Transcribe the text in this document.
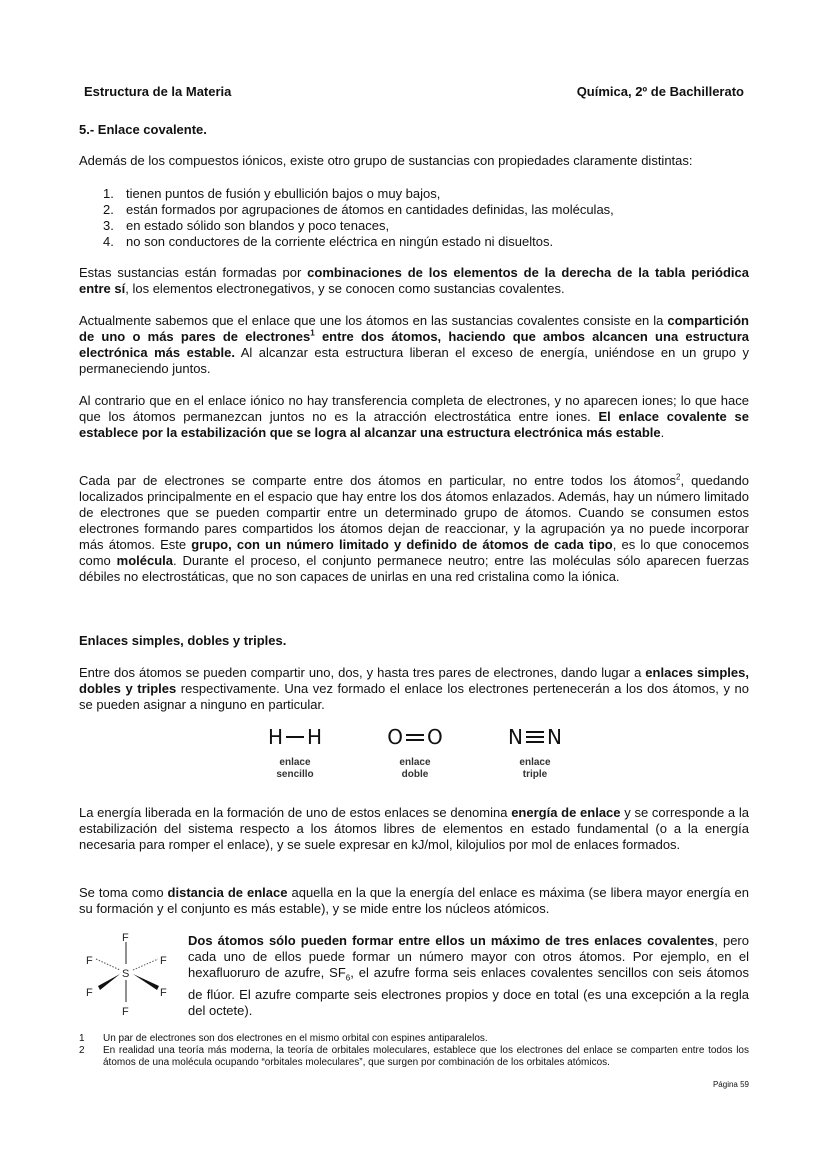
Estructura de la Materia	Química, 2º de Bachillerato
5.- Enlace covalente.
Además de los compuestos iónicos, existe otro grupo de sustancias con propiedades claramente distintas:
1. tienen puntos de fusión y ebullición bajos o muy bajos,
2. están formados por agrupaciones de átomos en cantidades definidas, las moléculas,
3. en estado sólido son blandos y poco tenaces,
4. no son conductores de la corriente eléctrica en ningún estado ni disueltos.
Estas sustancias están formadas por combinaciones de los elementos de la derecha de la tabla periódica entre sí, los elementos electronegativos, y se conocen como sustancias covalentes.
Actualmente sabemos que el enlace que une los átomos en las sustancias covalentes consiste en la compartición de uno o más pares de electrones$^1$ entre dos átomos, haciendo que ambos alcancen una estructura electrónica más estable. Al alcanzar esta estructura liberan el exceso de energía, uniéndose en un grupo y permaneciendo juntos.
Al contrario que en el enlace iónico no hay transferencia completa de electrones, y no aparecen iones; lo que hace que los átomos permanezcan juntos no es la atracción electrostática entre iones. El enlace covalente se establece por la estabilización que se logra al alcanzar una estructura electrónica más estable.
Cada par de electrones se comparte entre dos átomos en particular, no entre todos los átomos$^2$, quedando localizados principalmente en el espacio que hay entre los dos átomos enlazados. Además, hay un número limitado de electrones que se pueden compartir entre un determinado grupo de átomos. Cuando se consumen estos electrones formando pares compartidos los átomos dejan de reaccionar, y la agrupación ya no puede incorporar más átomos. Este grupo, con un número limitado y definido de átomos de cada tipo, es lo que conocemos como molécula. Durante el proceso, el conjunto permanece neutro; entre las moléculas sólo aparecen fuerzas débiles no electrostáticas, que no son capaces de unirlas en una red cristalina como la iónica.
Enlaces simples, dobles y triples.
Entre dos átomos se pueden compartir uno, dos, y hasta tres pares de electrones, dando lugar a enlaces simples, dobles y triples respectivamente. Una vez formado el enlace los electrones pertenecerán a los dos átomos, y no se pueden asignar a ninguno en particular.
H H
enlace
sencillo
O O
enlace
doble
N N
enlace
triple
La energía liberada en la formación de uno de estos enlaces se denomina energía de enlace y se corresponde a la estabilización del sistema respecto a los átomos libres de elementos en estado fundamental (o a la energía necesaria para romper el enlace), y se suele expresar en kJ/mol, kilojulios por mol de enlaces formados.
Se toma como distancia de enlace aquella en la que la energía del enlace es máxima (se libera mayor energía en su formación y el conjunto es más estable), y se mide entre los núcleos atómicos.
F
F	F
S
F	F
F
Dos átomos sólo pueden formar entre ellos un máximo de tres enlaces covalentes, pero cada uno de ellos puede formar un número mayor con otros átomos. Por ejemplo, en el hexafluoruro de azufre, $SF_6$, el azufre forma seis enlaces covalentes sencillos con seis átomos de flúor. El azufre comparte seis electrones propios y doce en total (es una excepción a la regla del octete).
1	Un par de electrones son dos electrones en el mismo orbital con espines antiparalelos.
2	En realidad una teoría más moderna, la teoría de orbitales moleculares, establece que los electrones del enlace se comparten entre todos los átomos de una molécula ocupando “orbitales moleculares”, que surgen por combinación de los orbitales atómicos.
Página 59
